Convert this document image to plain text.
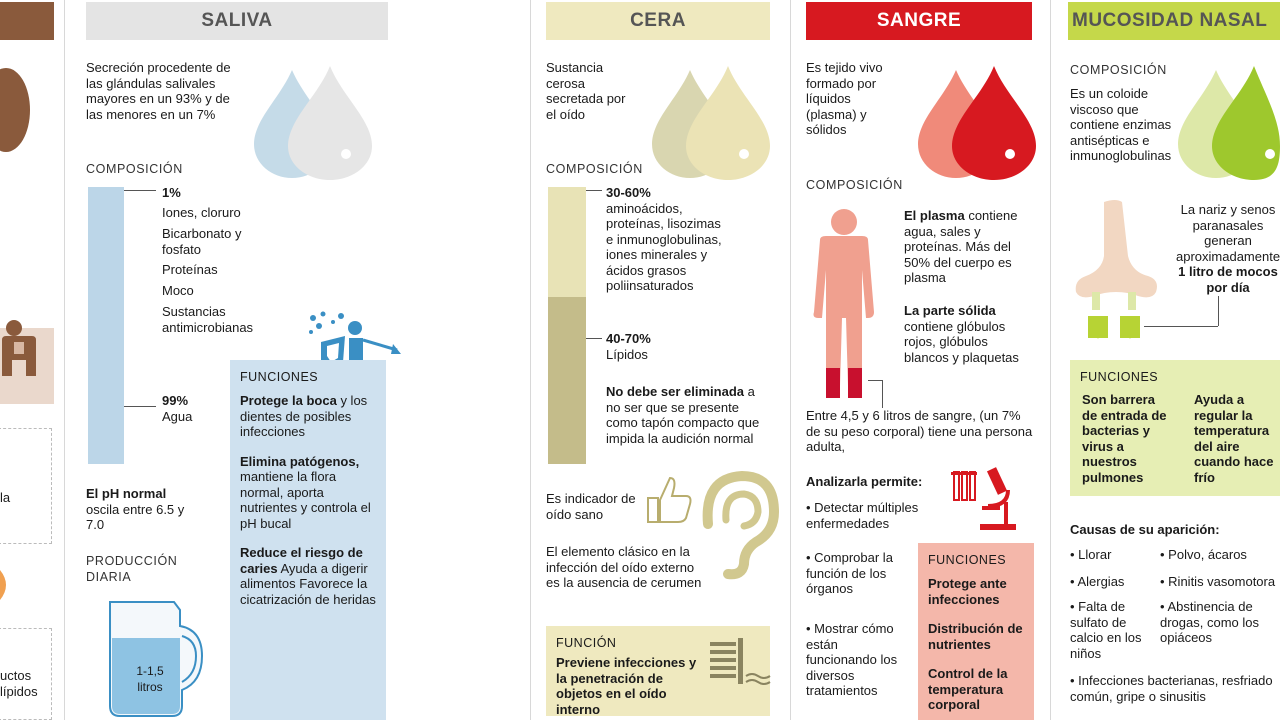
la
uctos
lípidos
SALIVA
Secreción procedente de las glándulas salivales mayores en un 93% y de las menores en un 7%
COMPOSICIÓN
1%
Iones, cloruro
Bicarbonato y fosfato
Proteínas
Moco
Sustancias antimicrobianas
99%
Agua
FUNCIONES
Protege la boca y los dientes de posibles infecciones
Elimina patógenos, mantiene la flora normal, aporta nutrientes y controla el pH bucal
Reduce el riesgo de caries Ayuda a digerir alimentos Favorece la cicatrización de heridas
El pH normal oscila entre 6.5 y 7.0
PRODUCCIÓN DIARIA
1-1,5 litros
CERA
Sustancia cerosa secretada por el oído
COMPOSICIÓN
30-60% aminoácidos, proteínas, lisozimas e inmunoglobulinas, iones minerales y ácidos grasos poliinsaturados
40-70%
Lípidos
No debe ser eliminada a no ser que se presente como tapón compacto que impida la audición normal
Es indicador de oído sano
El elemento clásico en la infección del oído externo es la ausencia de cerumen
FUNCIÓN
Previene infecciones y la penetración de objetos en el oído interno
SANGRE
Es tejido vivo formado por líquidos (plasma) y sólidos
COMPOSICIÓN
El plasma contiene agua, sales y proteínas. Más del 50% del cuerpo es plasma
La parte sólida contiene glóbulos rojos, glóbulos blancos y plaquetas
Entre 4,5 y 6 litros de sangre, (un 7% de su peso corporal) tiene una persona adulta,
Analizarla permite:
• Detectar múltiples enfermedades
• Comprobar la función de los órganos
• Mostrar cómo están funcionando los diversos tratamientos
FUNCIONES
Protege ante infecciones
Distribución de nutrientes
Control de la temperatura corporal
MUCOSIDAD NASAL
COMPOSICIÓN
Es un coloide viscoso que contiene enzimas antisépticas e inmunoglobulinas
La nariz y senos paranasales generan aproximadamente 1 litro de mocos por día
FUNCIONES
Son barrera de entrada de bacterias y virus a nuestros pulmones
Ayuda a regular la temperatura del aire cuando hace frío
Causas de su aparición:
• Llorar	• Polvo, ácaros
• Alergias	• Rinitis vasomotora
• Falta de sulfato de calcio en los niños
• Abstinencia de drogas, como los opiáceos
• Infecciones bacterianas, resfriado común, gripe o sinusitis
